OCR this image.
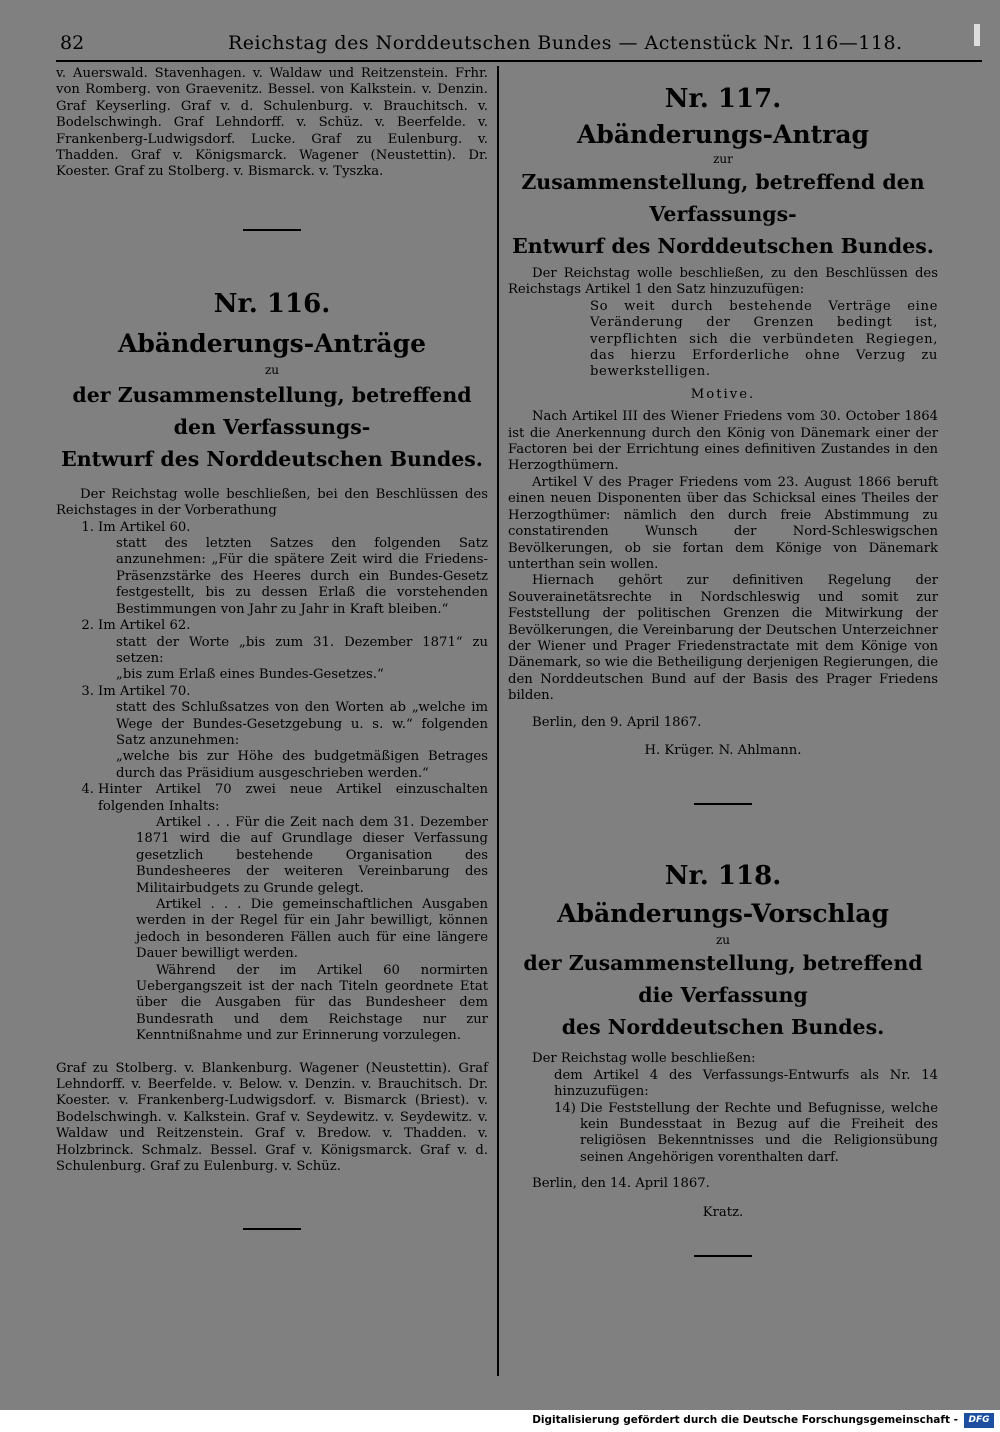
82	Reichstag des Norddeutschen Bundes — Actenstück Nr. 116—118.
v. Auerswald. Stavenhagen. v. Waldaw und Reitzenstein. Frhr. von Romberg. von Graevenitz. Bessel. von Kalkstein. v. Denzin. Graf Keyserling. Graf v. d. Schulenburg. v. Brauchitsch. v. Bodelschwingh. Graf Lehndorff. v. Schüz. v. Beerfelde. v. Frankenberg-Ludwigsdorf. Lucke. Graf zu Eulenburg. v. Thadden. Graf v. Königsmarck. Wagener (Neustettin). Dr. Koester. Graf zu Stolberg. v. Bismarck. v. Tyszka.
Nr. 116.
Abänderungs-Anträge
zu
der Zusammenstellung, betreffend den Verfassungs-
Entwurf des Norddeutschen Bundes.

Der Reichstag wolle beschließen, bei den Beschlüssen des Reichstages in der Vorberathung

1. Im Artikel 60.
statt des letzten Satzes den folgenden Satz anzunehmen: „Für die spätere Zeit wird die Friedens-Präsenzstärke des Heeres durch ein Bundes-Gesetz festgestellt, bis zu dessen Erlaß die vorstehenden Bestimmungen von Jahr zu Jahr in Kraft bleiben.“
2. Im Artikel 62.
statt der Worte „bis zum 31. Dezember 1871“ zu setzen:
„bis zum Erlaß eines Bundes-Gesetzes.“
3. Im Artikel 70.
statt des Schlußsatzes von den Worten ab „welche im Wege der Bundes-Gesetzgebung u. s. w.“ folgenden Satz anzunehmen:
„welche bis zur Höhe des budgetmäßigen Betrages durch das Präsidium ausgeschrieben werden.“
4. Hinter Artikel 70 zwei neue Artikel einzuschalten folgenden Inhalts:

Artikel . . . Für die Zeit nach dem 31. Dezember 1871 wird die auf Grundlage dieser Verfassung gesetzlich bestehende Organisation des Bundesheeres der weiteren Vereinbarung des Militairbudgets zu Grunde gelegt.

Artikel . . . Die gemeinschaftlichen Ausgaben werden in der Regel für ein Jahr bewilligt, können jedoch in besonderen Fällen auch für eine längere Dauer bewilligt werden.

Während der im Artikel 60 normirten Uebergangszeit ist der nach Titeln geordnete Etat über die Ausgaben für das Bundesheer dem Bundesrath und dem Reichstage nur zur Kenntnißnahme und zur Erinnerung vorzulegen.

Graf zu Stolberg. v. Blankenburg. Wagener (Neustettin). Graf Lehndorff. v. Beerfelde. v. Below. v. Denzin. v. Brauchitsch. Dr. Koester. v. Frankenberg-Ludwigsdorf. v. Bismarck (Briest). v. Bodelschwingh. v. Kalkstein. Graf v. Seydewitz. v. Seydewitz. v. Waldaw und Reitzenstein. Graf v. Bredow. v. Thadden. v. Holzbrinck. Schmalz. Bessel. Graf v. Königsmarck. Graf v. d. Schulenburg. Graf zu Eulenburg. v. Schüz.
Nr. 117.
Abänderungs-Antrag
zur
Zusammenstellung, betreffend den Verfassungs-
Entwurf des Norddeutschen Bundes.

Der Reichstag wolle beschließen, zu den Beschlüssen des Reichstags Artikel 1 den Satz hinzuzufügen:

So weit durch bestehende Verträge eine Veränderung der Grenzen bedingt ist, verpflichten sich die verbündeten Regiegen, das hierzu Erforderliche ohne Verzug zu bewerkstelligen.

Motive.

Nach Artikel III des Wiener Friedens vom 30. October 1864 ist die Anerkennung durch den König von Dänemark einer der Factoren bei der Errichtung eines definitiven Zustandes in den Herzogthümern.

Artikel V des Prager Friedens vom 23. August 1866 beruft einen neuen Disponenten über das Schicksal eines Theiles der Herzogthümer: nämlich den durch freie Abstimmung zu constatirenden Wunsch der Nord-Schleswigschen Bevölkerungen, ob sie fortan dem Könige von Dänemark unterthan sein wollen.

Hiernach gehört zur definitiven Regelung der Souverainetätsrechte in Nordschleswig und somit zur Feststellung der politischen Grenzen die Mitwirkung der Bevölkerungen, die Vereinbarung der Deutschen Unterzeichner der Wiener und Prager Friedenstractate mit dem Könige von Dänemark, so wie die Betheiligung derjenigen Regierungen, die den Norddeutschen Bund auf der Basis des Prager Friedens bilden.

Berlin, den 9. April 1867.

H. Krüger. N. Ahlmann.
Nr. 118.
Abänderungs-Vorschlag
zu
der Zusammenstellung, betreffend die Verfassung
des Norddeutschen Bundes.

Der Reichstag wolle beschließen:

dem Artikel 4 des Verfassungs-Entwurfs als Nr. 14 hinzuzufügen:
14) Die Feststellung der Rechte und Befugnisse, welche kein Bundesstaat in Bezug auf die Freiheit des religiösen Bekenntnisses und die Religionsübung seinen Angehörigen vorenthalten darf.

Berlin, den 14. April 1867.

Kratz.
Digitalisierung gefördert durch die Deutsche Forschungsgemeinschaft -	DFG
